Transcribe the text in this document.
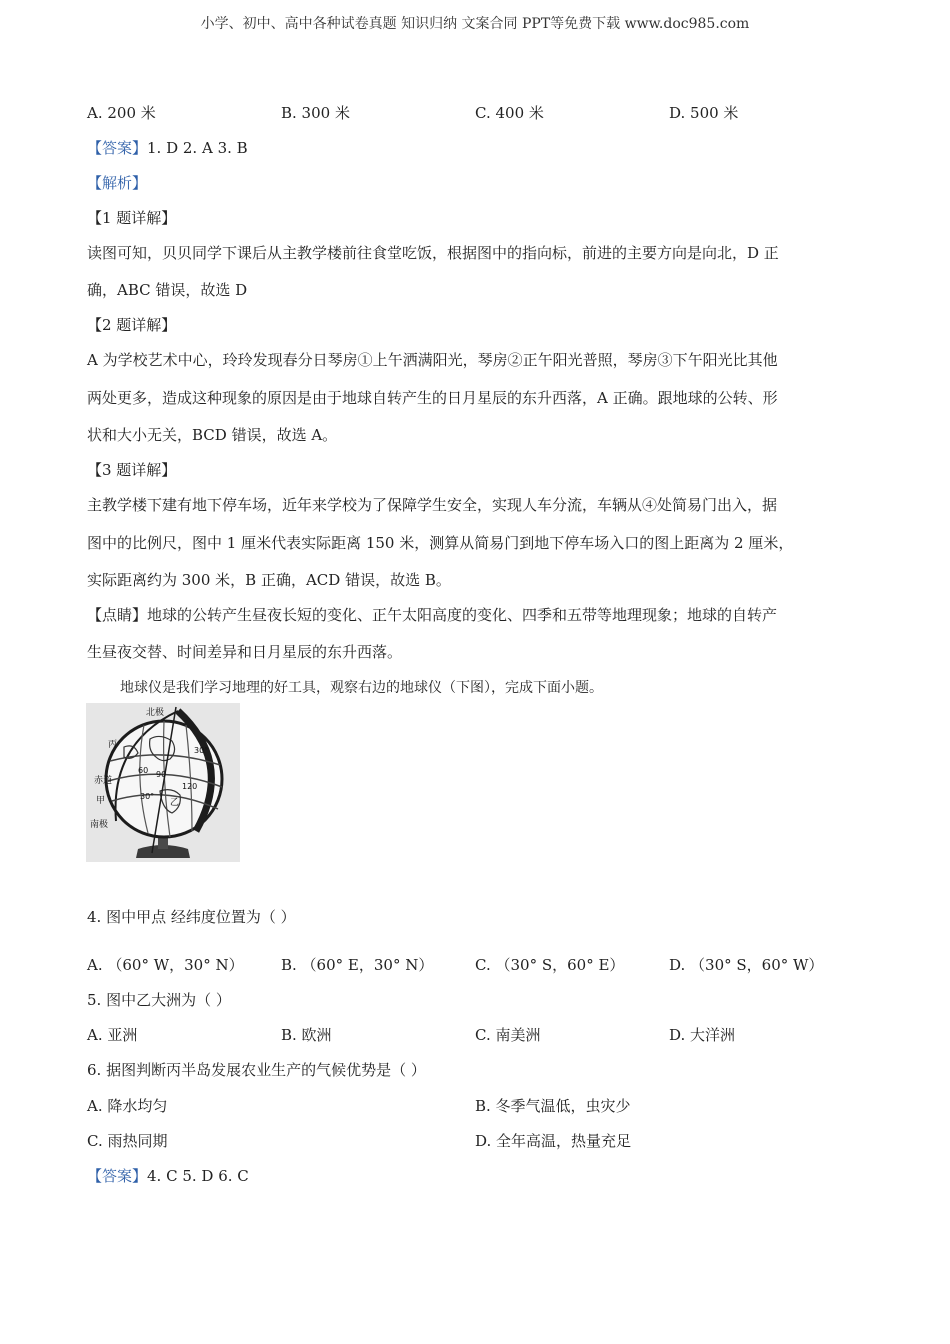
小学、初中、高中各种试卷真题 知识归纳 文案合同 PPT等免费下载 www.doc985.com
A. 200 米	B. 300 米	C. 400 米	D. 500 米
【答案】1. D 2. A 3. B
【解析】
【1 题详解】
读图可知，贝贝同学下课后从主教学楼前往食堂吃饭，根据图中的指向标，前进的主要方向是向北，D 正
确，ABC 错误，故选 D
【2 题详解】
A 为学校艺术中心，玲玲发现春分日琴房①上午洒满阳光，琴房②正午阳光普照，琴房③下午阳光比其他
两处更多，造成这种现象的原因是由于地球自转产生的日月星辰的东升西落，A 正确。跟地球的公转、形
状和大小无关，BCD 错误，故选 A。
【3 题详解】
主教学楼下建有地下停车场，近年来学校为了保障学生安全，实现人车分流，车辆从④处简易门出入，据
图中的比例尺，图中 1 厘米代表实际距离 150 米，测算从简易门到地下停车场入口的图上距离为 2 厘米，
实际距离约为 300 米，B 正确，ACD 错误，故选 B。
【点睛】地球的公转产生昼夜长短的变化、正午太阳高度的变化、四季和五带等地理现象；地球的自转产
生昼夜交替、时间差异和日月星辰的东升西落。
地球仪是我们学习地理的好工具，观察右边的地球仪（下图），完成下面小题。
北极
南极
赤道
甲	乙
丙
30°
30°
60 90
120
4. 图中甲点 经纬度位置为（ ）
A. （60° W，30° N） B. （60° E，30° N）	C. （30° S，60° E）	D. （30° S，60° W）
5. 图中乙大洲为（ ）
A. 亚洲	B. 欧洲	C. 南美洲	D. 大洋洲
6. 据图判断丙半岛发展农业生产的气候优势是（ ）
A. 降水均匀	B. 冬季气温低，虫灾少
C. 雨热同期	D. 全年高温，热量充足
【答案】4. C 5. D 6. C
